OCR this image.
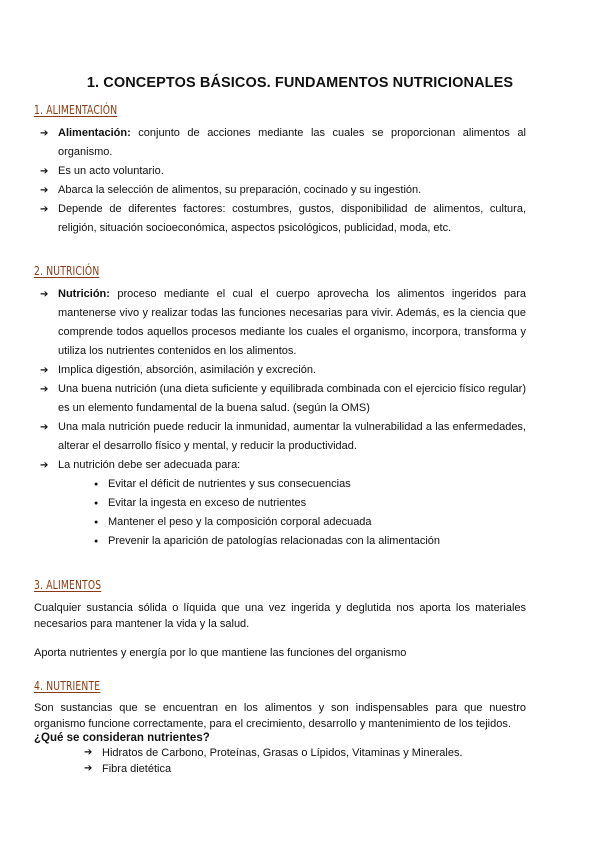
1. CONCEPTOS BÁSICOS. FUNDAMENTOS NUTRICIONALES
1. ALIMENTACIÓN
➔ Alimentación: conjunto de acciones mediante las cuales se proporcionan alimentos al organismo.
➔ Es un acto voluntario.
➔ Abarca la selección de alimentos, su preparación, cocinado y su ingestión.
➔ Depende de diferentes factores: costumbres, gustos, disponibilidad de alimentos, cultura, religión, situación socioeconómica, aspectos psicológicos, publicidad, moda, etc.
2. NUTRICIÓN
➔ Nutrición: proceso mediante el cual el cuerpo aprovecha los alimentos ingeridos para mantenerse vivo y realizar todas las funciones necesarias para vivir. Además, es la ciencia que comprende todos aquellos procesos mediante los cuales el organismo, incorpora, transforma y utiliza los nutrientes contenidos en los alimentos.
➔ Implica digestión, absorción, asimilación y excreción.
➔ Una buena nutrición (una dieta suficiente y equilibrada combinada con el ejercicio físico regular) es un elemento fundamental de la buena salud. (según la OMS)
➔ Una mala nutrición puede reducir la inmunidad, aumentar la vulnerabilidad a las enfermedades, alterar el desarrollo físico y mental, y reducir la productividad.
➔ La nutrición debe ser adecuada para:
● Evitar el déficit de nutrientes y sus consecuencias
● Evitar la ingesta en exceso de nutrientes
● Mantener el peso y la composición corporal adecuada
● Prevenir la aparición de patologías relacionadas con la alimentación
3. ALIMENTOS

Cualquier sustancia sólida o líquida que una vez ingerida y deglutida nos aporta los materiales necesarios para mantener la vida y la salud.

Aporta nutrientes y energía por lo que mantiene las funciones del organismo

4. NUTRIENTE

Son sustancias que se encuentran en los alimentos y son indispensables para que nuestro organismo funcione correctamente, para el crecimiento, desarrollo y mantenimiento de los tejidos.

¿Qué se consideran nutrientes?

➔ Hidratos de Carbono, Proteínas, Grasas o Lípidos, Vitaminas y Minerales.
➔ Fibra dietética
